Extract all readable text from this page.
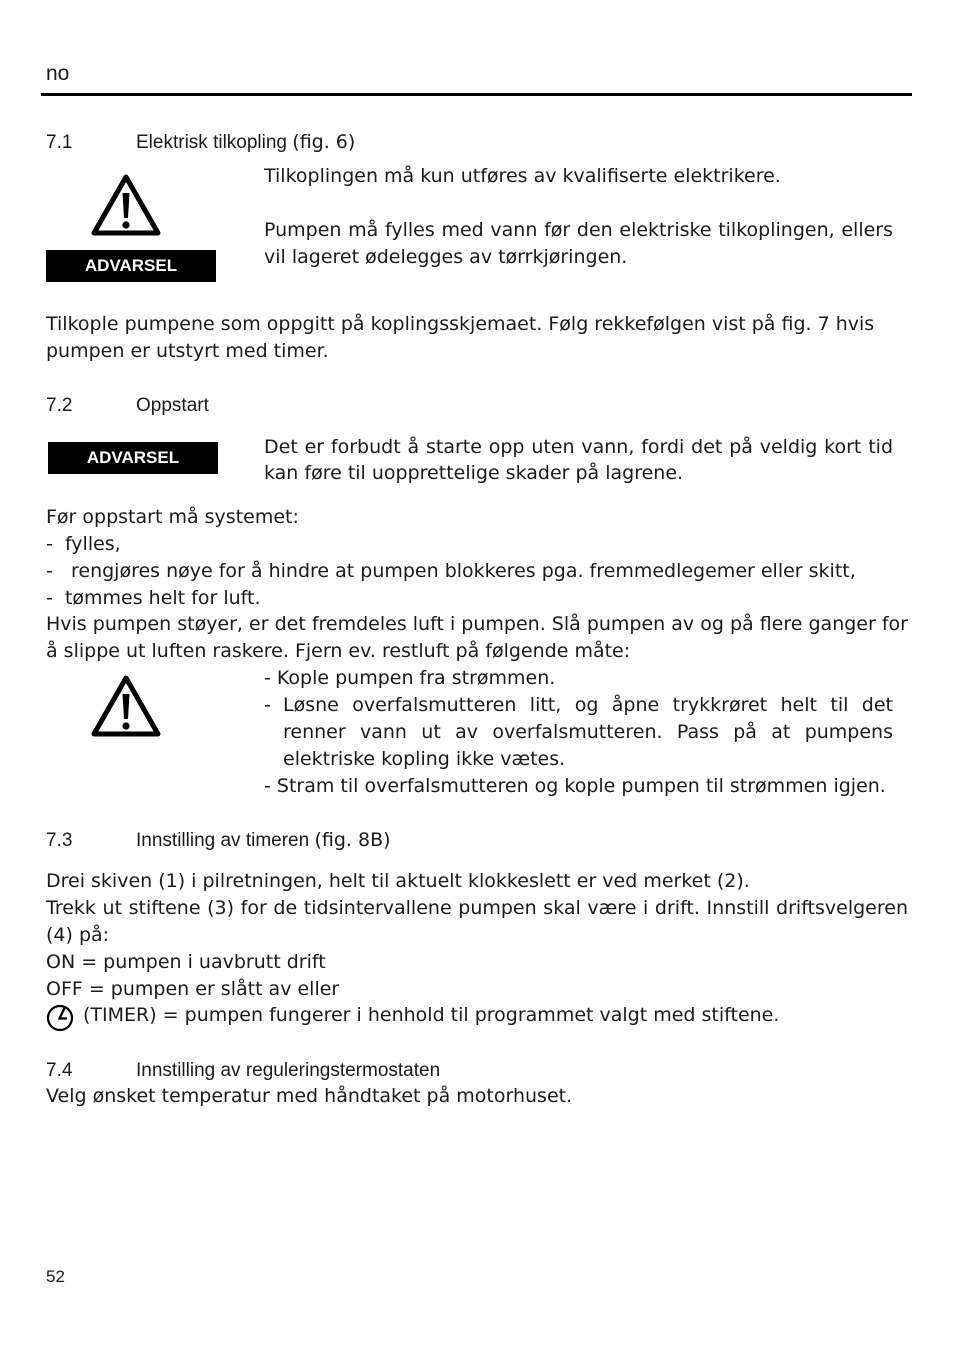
no
7.1	Elektrisk tilkopling (fig. 6)
ADVARSEL
Tilkoplingen må kun utføres av kvalifiserte elektrikere.
Pumpen må fylles med vann før den elektriske tilkoplingen, ellers
vil lageret ødelegges av tørrkjøringen.
Tilkople pumpene som oppgitt på koplingsskjemaet. Følg rekkefølgen vist på fig. 7 hvis
pumpen er utstyrt med timer.
7.2	Oppstart
ADVARSEL	Det er forbudt å starte opp uten vann, fordi det på veldig kort tid
kan føre til uopprettelige skader på lagrene.
Før oppstart må systemet:
-  fylles,
-   rengjøres nøye for å hindre at pumpen blokkeres pga. fremmedlegemer eller skitt,
-  tømmes helt for luft.
Hvis pumpen støyer, er det fremdeles luft i pumpen. Slå pumpen av og på flere ganger for
å slippe ut luften raskere. Fjern ev. restluft på følgende måte:
- Kople pumpen fra strømmen.
- Løsne overfalsmutteren litt, og åpne trykkrøret helt til det
renner vann ut av overfalsmutteren. Pass på at pumpens
elektriske kopling ikke vætes.
- Stram til overfalsmutteren og kople pumpen til strømmen igjen.
7.3	Innstilling av timeren (fig. 8B)
Drei skiven (1) i pilretningen, helt til aktuelt klokkeslett er ved merket (2).
Trekk ut stiftene (3) for de tidsintervallene pumpen skal være i drift. Innstill driftsvelgeren
(4) på:
ON = pumpen i uavbrutt drift
OFF = pumpen er slått av eller
(TIMER) = pumpen fungerer i henhold til programmet valgt med stiftene.
7.4	Innstilling av reguleringstermostaten
Velg ønsket temperatur med håndtaket på motorhuset.
52
